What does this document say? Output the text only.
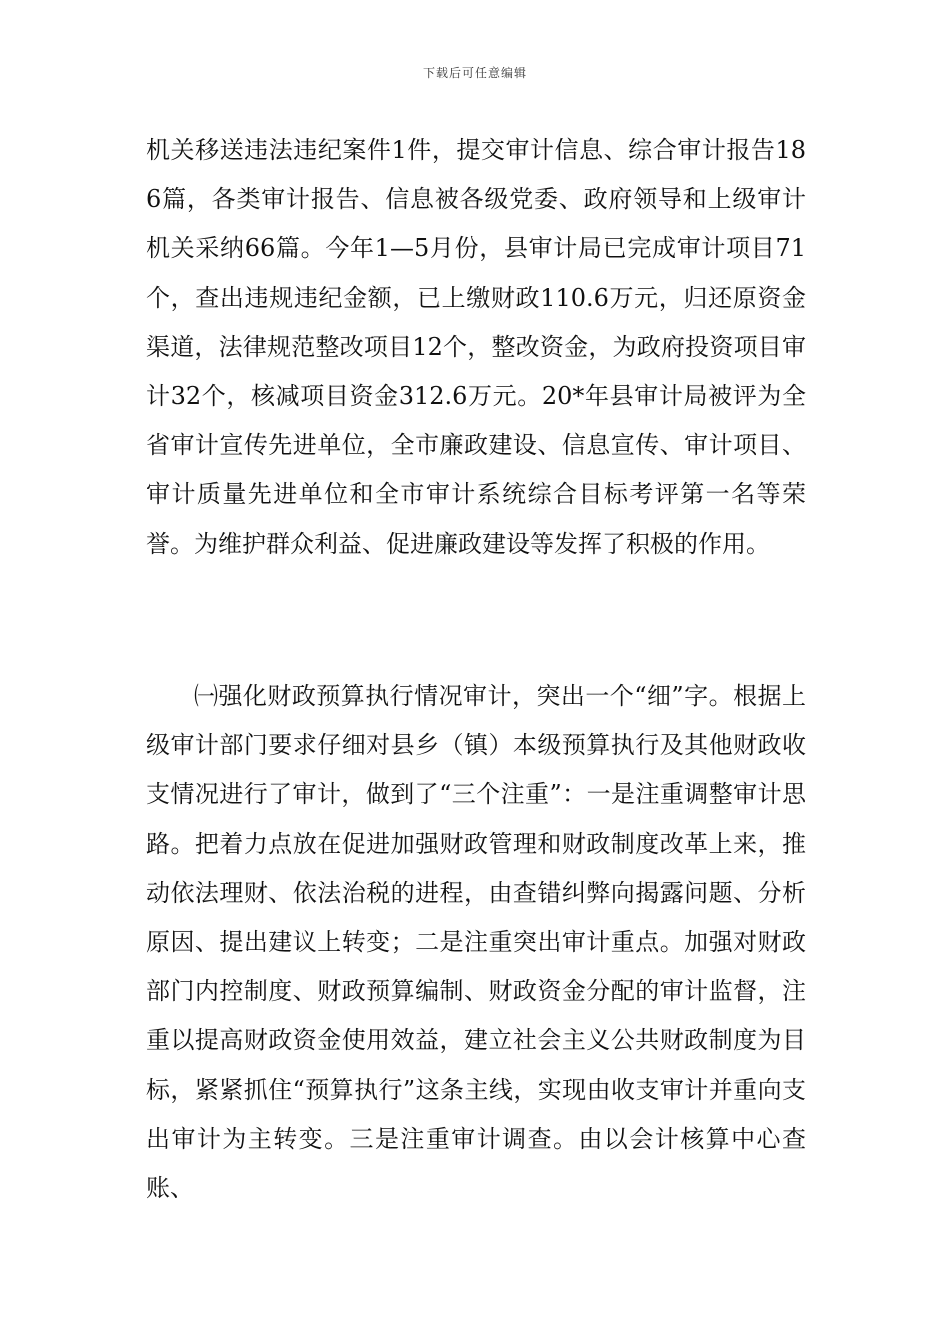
下载后可任意编辑

机关移送违法违纪案件1件，提交审计信息、综合审计报告186篇，各类审计报告、信息被各级党委、政府领导和上级审计机关采纳66篇。今年1—5月份，县审计局已完成审计项目71个，查出违规违纪金额，已上缴财政110.6万元，归还原资金渠道，法律规范整改项目12个，整改资金，为政府投资项目审计32个，核减项目资金312.6万元。20*年县审计局被评为全省审计宣传先进单位，全市廉政建设、信息宣传、审计项目、审计质量先进单位和全市审计系统综合目标考评第一名等荣誉。为维护群众利益、促进廉政建设等发挥了积极的作用。

㈠强化财政预算执行情况审计，突出一个“细”字。根据上级审计部门要求仔细对县乡（镇）本级预算执行及其他财政收支情况进行了审计，做到了“三个注重”：一是注重调整审计思路。把着力点放在促进加强财政管理和财政制度改革上来，推动依法理财、依法治税的进程，由查错纠弊向揭露问题、分析原因、提出建议上转变；二是注重突出审计重点。加强对财政部门内控制度、财政预算编制、财政资金分配的审计监督，注重以提高财政资金使用效益，建立社会主义公共财政制度为目标，紧紧抓住“预算执行”这条主线，实现由收支审计并重向支出审计为主转变。三是注重审计调查。由以会计核算中心查账、
